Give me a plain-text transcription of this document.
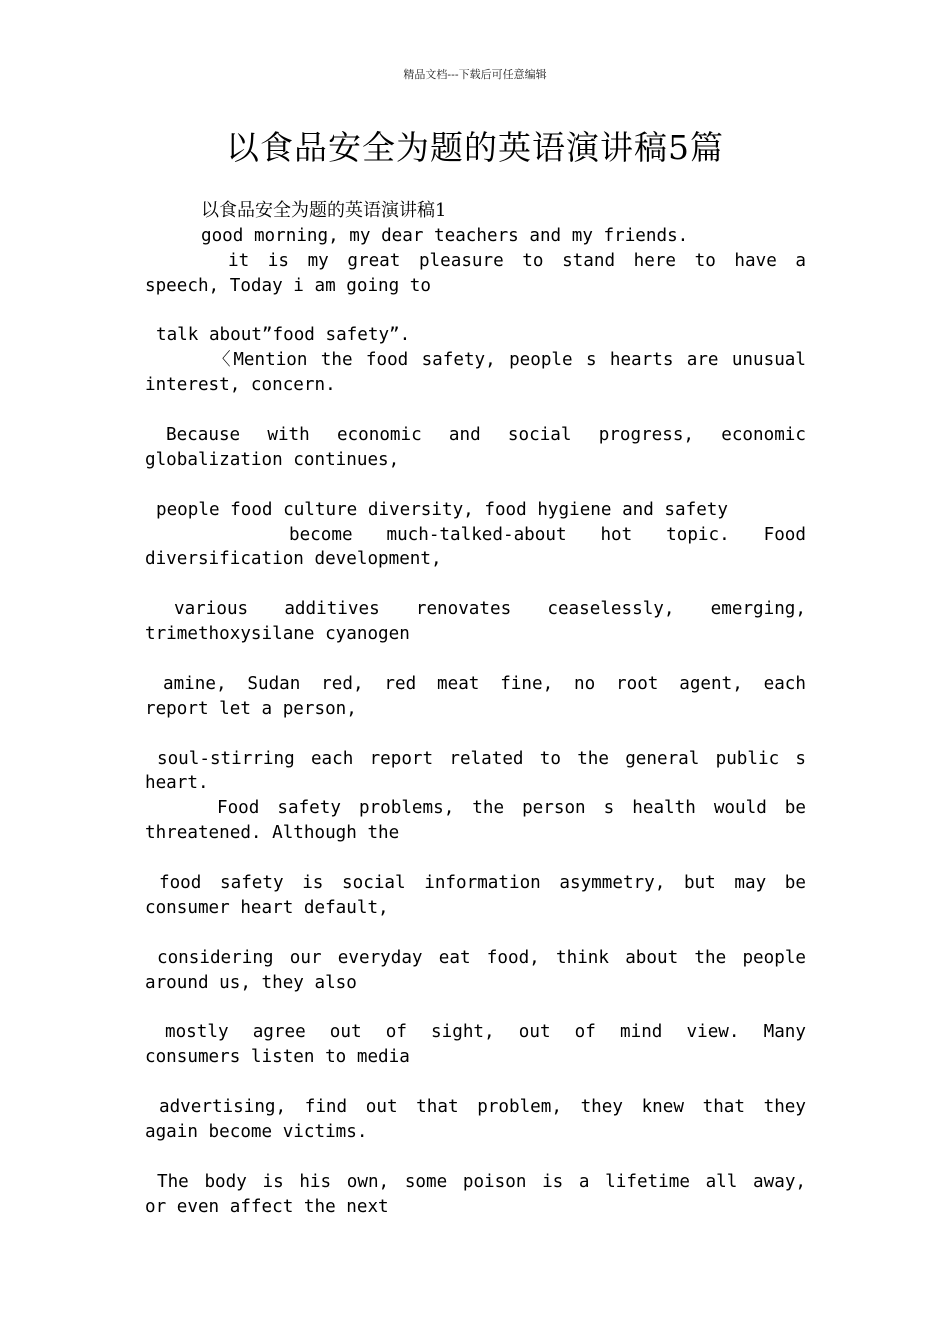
精品文档---下载后可任意编辑
以食品安全为题的英语演讲稿5篇
以食品安全为题的英语演讲稿1
good morning, my dear teachers and my friends.
it is my great pleasure to stand here to have a
speech, Today i am going to
talk about”food safety”.
〈Mention the food safety, people s hearts are unusual
interest, concern.
Because with economic and social progress, economic
globalization continues,
people food culture diversity, food hygiene and safety
become much-talked-about hot topic. Food
diversification development,
various additives renovates ceaselessly, emerging,
trimethoxysilane cyanogen
amine, Sudan red, red meat fine, no root agent, each
report let a person,
soul-stirring each report related to the general public s
heart.
Food safety problems, the person s health would be
threatened. Although the
food safety is social information asymmetry, but may be
consumer heart default,
considering our everyday eat food, think about the people
around us, they also
mostly agree out of sight, out of mind view. Many
consumers listen to media
advertising, find out that problem, they knew that they
again become victims.
The body is his own, some poison is a lifetime all away,
or even affect the next
